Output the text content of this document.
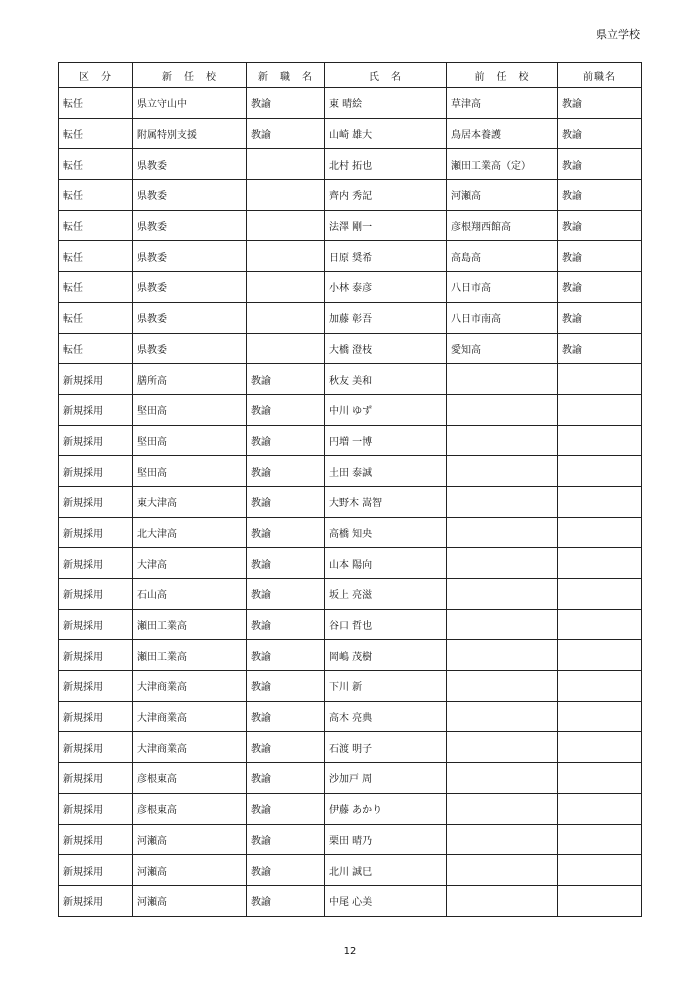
県立学校
区　分	新　任　校	新　職　名	氏　名	前　任　校	前職名
転任	県立守山中	教諭	東 晴絵	草津高	教諭
転任	附属特別支援	教諭	山崎 雄大	鳥居本養護	教諭
転任	県教委		北村 拓也	瀬田工業高（定）	教諭
転任	県教委		齊内 秀記	河瀬高	教諭
転任	県教委		法澤 剛一	彦根翔西館高	教諭
転任	県教委		日原 奨希	高島高	教諭
転任	県教委		小林 泰彦	八日市高	教諭
転任	県教委		加藤 彰吾	八日市南高	教諭
転任	県教委		大橋 澄枝	愛知高	教諭
新規採用	膳所高	教諭	秋友 美和		
新規採用	堅田高	教諭	中川 ゆず		
新規採用	堅田高	教諭	円増 一博		
新規採用	堅田高	教諭	土田 泰誠		
新規採用	東大津高	教諭	大野木 嵩智		
新規採用	北大津高	教諭	高橋 知央		
新規採用	大津高	教諭	山本 陽向		
新規採用	石山高	教諭	坂上 亮滋		
新規採用	瀬田工業高	教諭	谷口 哲也		
新規採用	瀬田工業高	教諭	岡嶋 茂樹		
新規採用	大津商業高	教諭	下川 新		
新規採用	大津商業高	教諭	高木 亮典		
新規採用	大津商業高	教諭	石渡 明子		
新規採用	彦根東高	教諭	沙加戸 周		
新規採用	彦根東高	教諭	伊藤 あかり		
新規採用	河瀬高	教諭	栗田 晴乃		
新規採用	河瀬高	教諭	北川 誠巳		
新規採用	河瀬高	教諭	中尾 心美		
12
